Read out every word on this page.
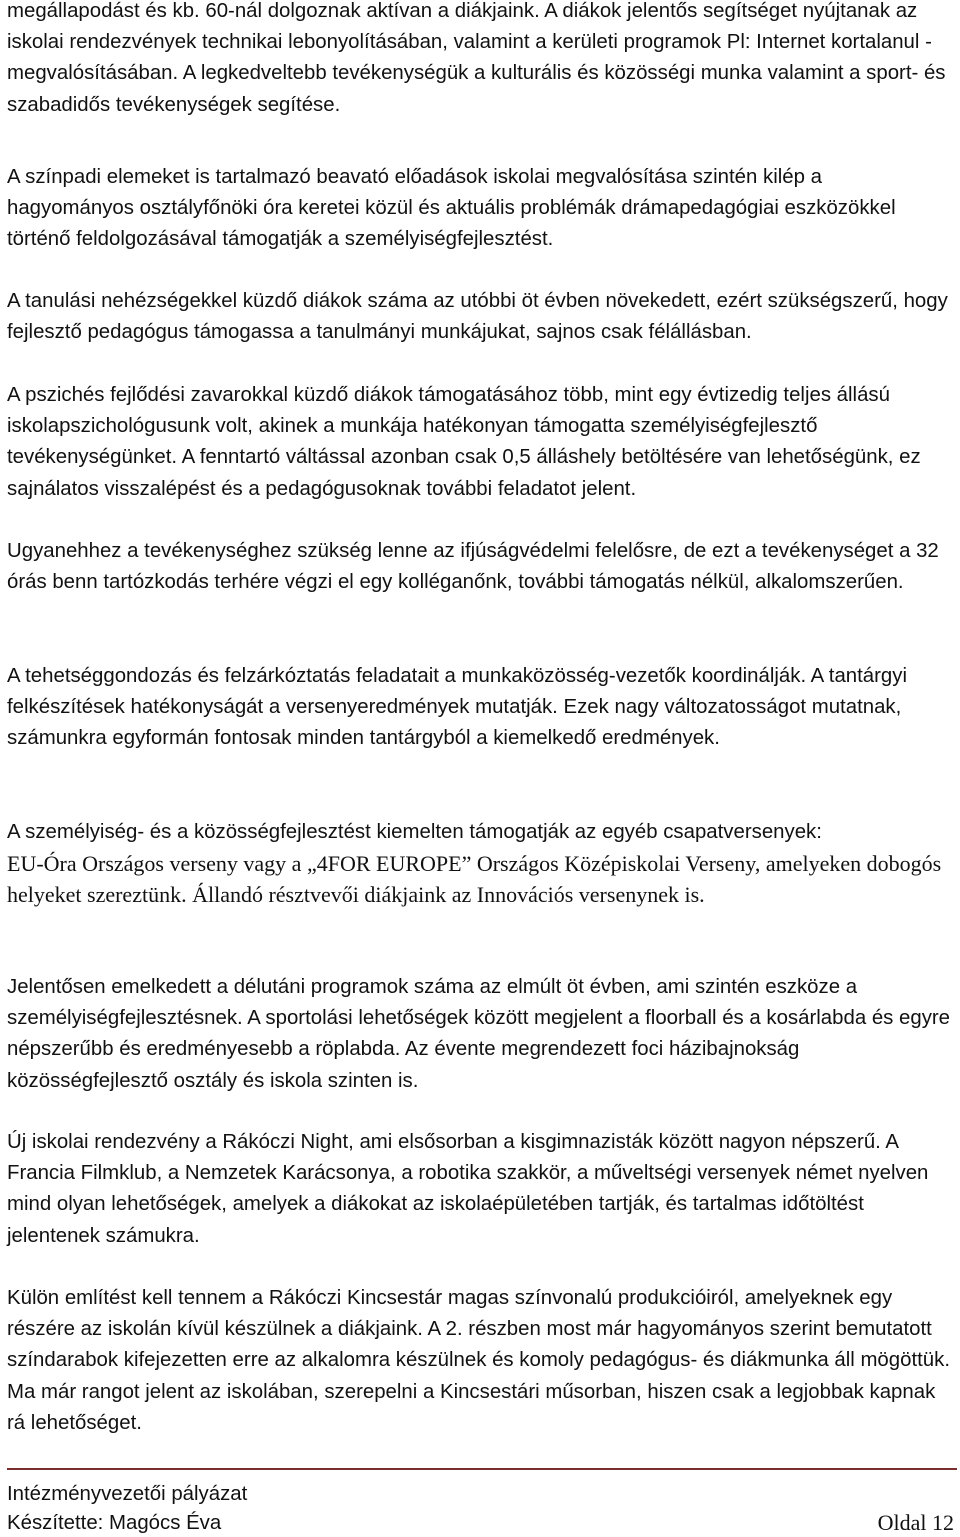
megállapodást és kb. 60-nál dolgoznak aktívan a diákjaink. A diákok jelentős segítséget nyújtanak az iskolai rendezvények technikai lebonyolításában, valamint a kerületi programok Pl: Internet kortalanul - megvalósításában. A legkedveltebb tevékenységük a kulturális és közösségi munka valamint a sport- és szabadidős tevékenységek segítése.

A színpadi elemeket is tartalmazó beavató előadások iskolai megvalósítása szintén kilép a hagyományos osztályfőnöki óra keretei közül és aktuális problémák drámapedagógiai eszközökkel történő feldolgozásával támogatják a személyiségfejlesztést.

A tanulási nehézségekkel küzdő diákok száma az utóbbi öt évben növekedett, ezért szükségszerű, hogy fejlesztő pedagógus támogassa a tanulmányi munkájukat, sajnos csak félállásban.

A pszichés fejlődési zavarokkal küzdő diákok támogatásához több, mint egy évtizedig teljes állású iskolapszichológusunk volt, akinek a munkája hatékonyan támogatta személyiségfejlesztő tevékenységünket. A fenntartó váltással azonban csak 0,5 álláshely betöltésére van lehetőségünk, ez sajnálatos visszalépést és a pedagógusoknak további feladatot jelent.

Ugyanehhez a tevékenységhez szükség lenne az ifjúságvédelmi felelősre, de ezt a tevékenységet a 32 órás benn tartózkodás terhére végzi el egy kolléganőnk, további támogatás nélkül, alkalomszerűen.

A tehetséggondozás és felzárkóztatás feladatait a munkaközösség-vezetők koordinálják. A tantárgyi felkészítések hatékonyságát a versenyeredmények mutatják. Ezek nagy változatosságot mutatnak, számunkra egyformán fontosak minden tantárgyból a kiemelkedő eredmények.

A személyiség- és a közösségfejlesztést kiemelten támogatják az egyéb csapatversenyek:

EU-Óra Országos verseny vagy a „4FOR EUROPE” Országos Középiskolai Verseny, amelyeken dobogós helyeket szereztünk. Állandó résztvevői diákjaink az Innovációs versenynek is.

Jelentősen emelkedett a délutáni programok száma az elmúlt öt évben, ami szintén eszköze a személyiségfejlesztésnek. A sportolási lehetőségek között megjelent a floorball és a kosárlabda és egyre népszerűbb és eredményesebb a röplabda. Az évente megrendezett foci házibajnokság közösségfejlesztő osztály és iskola szinten is.

Új iskolai rendezvény a Rákóczi Night, ami elsősorban a kisgimnazisták között nagyon népszerű. A Francia Filmklub, a Nemzetek Karácsonya, a robotika szakkör, a műveltségi versenyek német nyelven mind olyan lehetőségek, amelyek a diákokat az iskolaépületében tartják, és tartalmas időtöltést jelentenek számukra.

Külön említést kell tennem a Rákóczi Kincsestár magas színvonalú produkcióiról, amelyeknek egy részére az iskolán kívül készülnek a diákjaink. A 2. részben most már hagyományos szerint bemutatott színdarabok kifejezetten erre az alkalomra készülnek és komoly pedagógus- és diákmunka áll mögöttük. Ma már rangot jelent az iskolában, szerepelni a Kincsestári műsorban, hiszen csak a legjobbak kapnak rá lehetőséget.

Intézményvezetői pályázat
Készítette: Magócs Éva	Oldal 12
